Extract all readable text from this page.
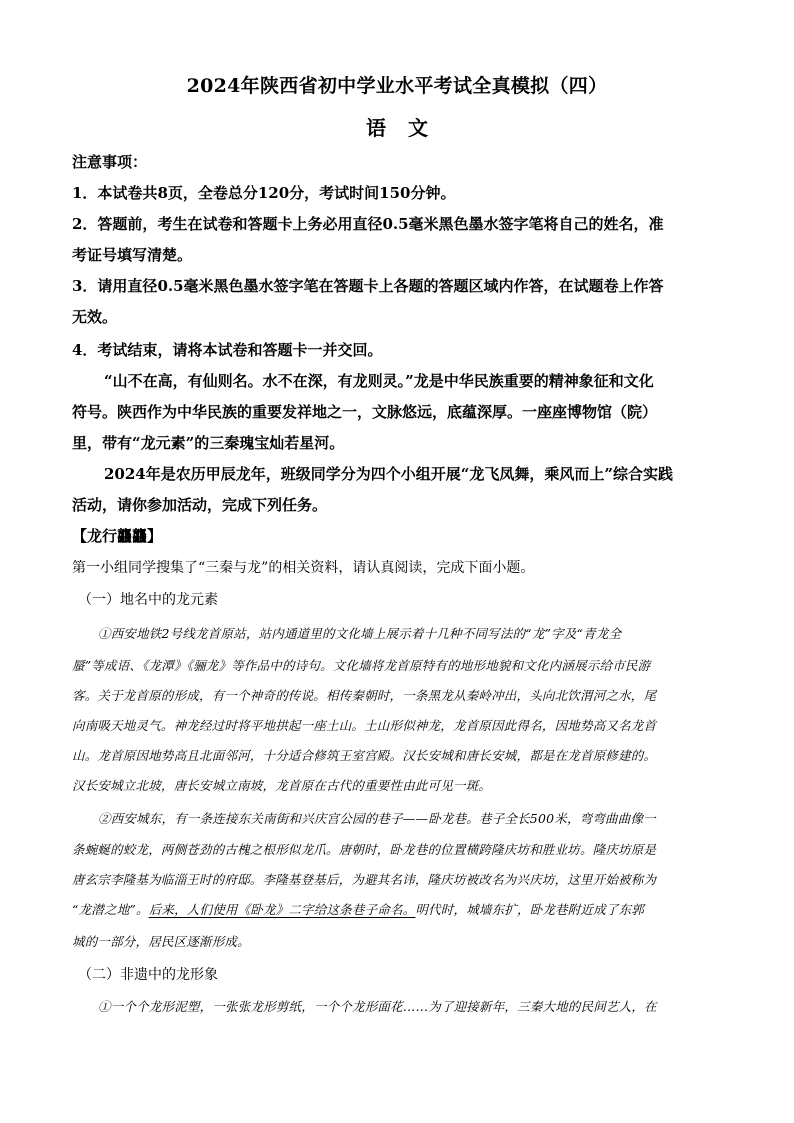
2024年陕西省初中学业水平考试全真模拟（四）
语文
注意事项：
1．本试卷共8页，全卷总分120分，考试时间150分钟。
2．答题前，考生在试卷和答题卡上务必用直径0.5毫米黑色墨水签字笔将自己的姓名，准
考证号填写清楚。
3．请用直径0.5毫米黑色墨水签字笔在答题卡上各题的答题区域内作答，在试题卷上作答
无效。
4．考试结束，请将本试卷和答题卡一并交回。
“山不在高，有仙则名。水不在深，有龙则灵。”龙是中华民族重要的精神象征和文化
符号。陕西作为中华民族的重要发祥地之一，文脉悠远，底蕴深厚。一座座博物馆（院）
里，带有“龙元素”的三秦瑰宝灿若星河。
2024年是农历甲辰龙年，班级同学分为四个小组开展“龙飞凤舞，乘风而上”综合实践
活动，请你参加活动，完成下列任务。
【龙行龘龘】
第一小组同学搜集了“三秦与龙”的相关资料，请认真阅读，完成下面小题。
（一）地名中的龙元素
①西安地铁2号线龙首原站，站内通道里的文化墙上展示着十几种不同写法的“龙”字及“青龙全
蜃”等成语、《龙潭》《骊龙》等作品中的诗句。文化墙将龙首原特有的地形地貌和文化内涵展示给市民游
客。关于龙首原的形成，有一个神奇的传说。相传秦朝时，一条黑龙从秦岭冲出，头向北饮渭河之水，尾
向南吸天地灵气。神龙经过时将平地拱起一座土山。土山形似神龙，龙首原因此得名，因地势高又名龙首
山。龙首原因地势高且北面邻河，十分适合修筑王室宫殿。汉长安城和唐长安城，都是在龙首原修建的。
汉长安城立北坡，唐长安城立南坡，龙首原在古代的重要性由此可见一斑。
②西安城东，有一条连接东关南街和兴庆宫公园的巷子——卧龙巷。巷子全长500米，弯弯曲曲像一
条蜿蜒的蛟龙，两侧苍劲的古槐之根形似龙爪。唐朝时，卧龙巷的位置横跨隆庆坊和胜业坊。隆庆坊原是
唐玄宗李隆基为临淄王时的府邸。李隆基登基后，为避其名讳，隆庆坊被改名为兴庆坊，这里开始被称为
“龙潜之地”。后来，人们使用《卧龙》二字给这条巷子命名。明代时，城墙东扩，卧龙巷附近成了东郭
城的一部分，居民区逐渐形成。
（二）非遗中的龙形象
①一个个龙形泥塑，一张张龙形剪纸，一个个龙形面花……为了迎接新年，三秦大地的民间艺人，在
